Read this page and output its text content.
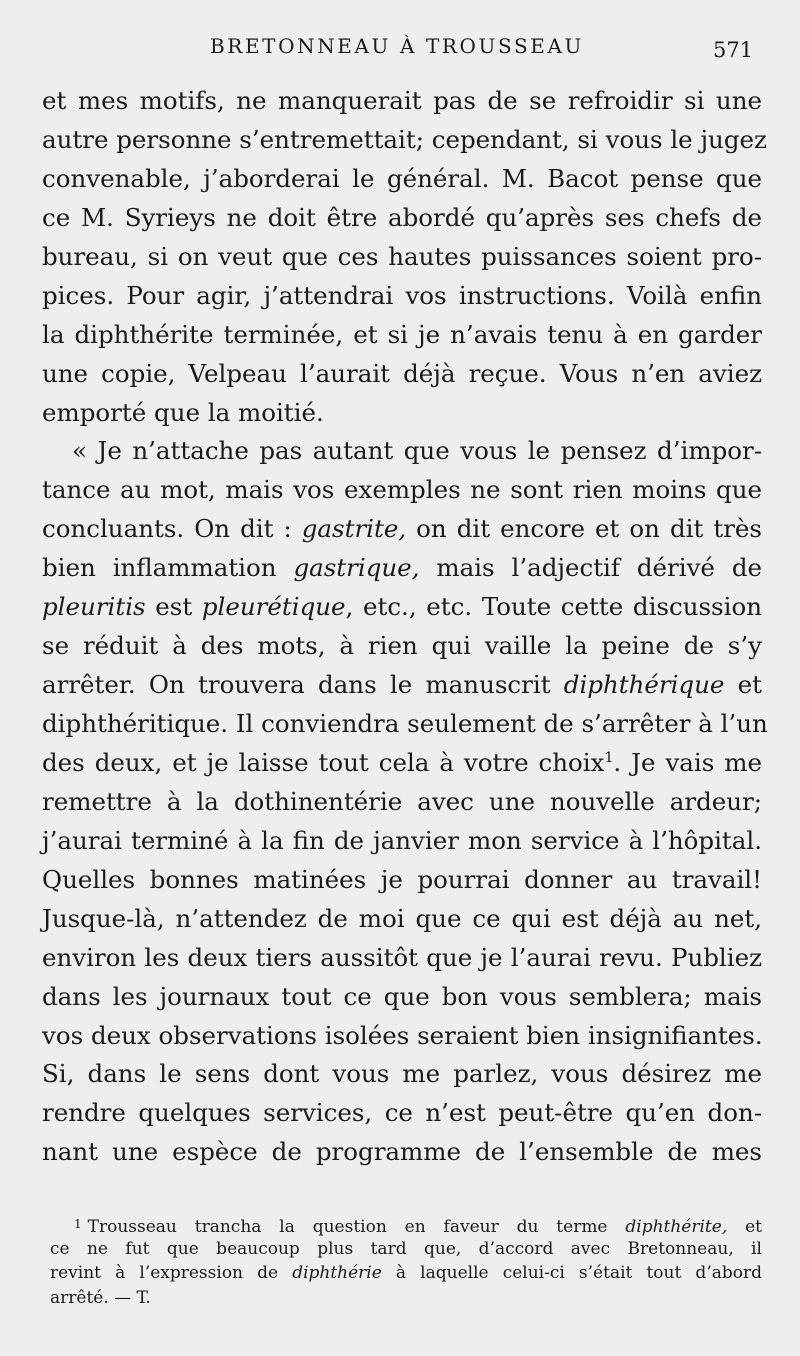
BRETONNEAU À TROUSSEAU	571
et mes motifs, ne manquerait pas de se refroidir si une
autre personne s’entremettait; cependant, si vous le jugez
convenable, j’aborderai le général. M. Bacot pense que
ce M. Syrieys ne doit être abordé qu’après ses chefs de
bureau, si on veut que ces hautes puissances soient pro-
pices. Pour agir, j’attendrai vos instructions. Voilà enfin
la diphthérite terminée, et si je n’avais tenu à en garder
une copie, Velpeau l’aurait déjà reçue. Vous n’en aviez
emporté que la moitié.
« Je n’attache pas autant que vous le pensez d’impor-
tance au mot, mais vos exemples ne sont rien moins que
concluants. On dit : gastrite, on dit encore et on dit très
bien inflammation gastrique, mais l’adjectif dérivé de
pleuritis est pleurétique, etc., etc. Toute cette discussion
se réduit à des mots, à rien qui vaille la peine de s’y
arrêter. On trouvera dans le manuscrit diphthérique et
diphthéritique. Il conviendra seulement de s’arrêter à l’un
des deux, et je laisse tout cela à votre choix$^1$. Je vais me
remettre à la dothinentérie avec une nouvelle ardeur;
j’aurai terminé à la fin de janvier mon service à l’hôpital.
Quelles bonnes matinées je pourrai donner au travail!
Jusque-là, n’attendez de moi que ce qui est déjà au net,
environ les deux tiers aussitôt que je l’aurai revu. Publiez
dans les journaux tout ce que bon vous semblera; mais
vos deux observations isolées seraient bien insignifiantes.
Si, dans le sens dont vous me parlez, vous désirez me
rendre quelques services, ce n’est peut-être qu’en don-
nant une espèce de programme de l’ensemble de mes
$^1$ Trousseau trancha la question en faveur du terme diphthérite, et
ce ne fut que beaucoup plus tard que, d’accord avec Bretonneau, il
revint à l’expression de diphthérie à laquelle celui-ci s’était tout d’abord
arrêté. — T.
